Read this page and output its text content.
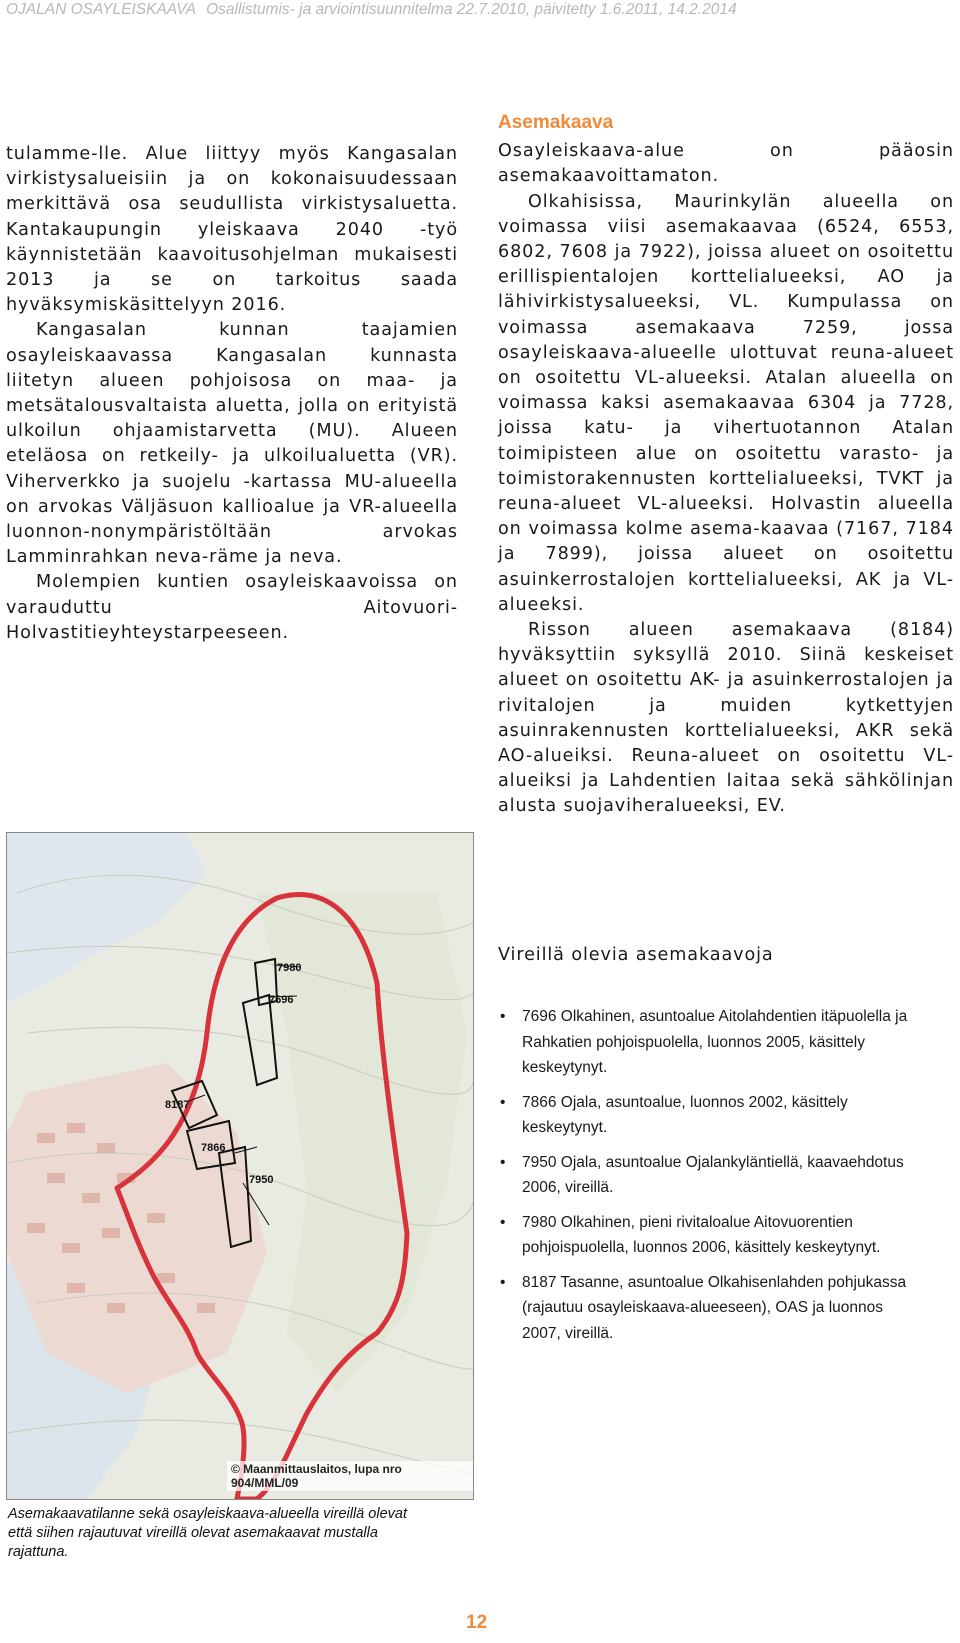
OJALAN OSAYLEISKAAVA Osallistumis- ja arviointisuunnitelma 22.7.2010, päivitetty 1.6.2011, 14.2.2014

tulamme-lle. Alue liittyy myös Kangasalan virkistysalueisiin ja on kokonaisuudessaan merkittävä osa seudullista virkistysaluetta. Kantakaupungin yleiskaava 2040 -työ käynnistetään kaavoitusohjelman mukaisesti 2013 ja se on tarkoitus saada hyväksymiskäsittelyyn 2016.

Kangasalan kunnan taajamien osayleiskaavassa Kangasalan kunnasta liitetyn alueen pohjoisosa on maa- ja metsätalousvaltaista aluetta, jolla on erityistä ulkoilun ohjaamistarvetta (MU). Alueen eteläosa on retkeily- ja ulkoilualuetta (VR). Viherverkko ja suojelu -kartassa MU-alueella on arvokas Väljäsuon kallioalue ja VR-alueella luonnon-nonympäristöltään arvokas Lamminrahkan neva-räme ja neva.

Molempien kuntien osayleiskaavoissa on varauduttu Aitovuori-Holvastitieyhteystarpeeseen.

Asemakaava

Osayleiskaava-alue on pääosin asemakaavoittamaton.

Olkahisissa, Maurinkylän alueella on voimassa viisi asemakaavaa (6524, 6553, 6802, 7608 ja 7922), joissa alueet on osoitettu erillispientalojen korttelialueeksi, AO ja lähivirkistysalueeksi, VL. Kumpulassa on voimassa asemakaava 7259, jossa osayleiskaava-alueelle ulottuvat reuna-alueet on osoitettu VL-alueeksi. Atalan alueella on voimassa kaksi asemakaavaa 6304 ja 7728, joissa katu- ja vihertuotannon Atalan toimipisteen alue on osoitettu varasto- ja toimistorakennusten korttelialueeksi, TVKT ja reuna-alueet VL-alueeksi. Holvastin alueella on voimassa kolme asema-kaavaa (7167, 7184 ja 7899), joissa alueet on osoitettu asuinkerrostalojen korttelialueeksi, AK ja VL-alueeksi.

Risson alueen asemakaava (8184) hyväksyttiin syksyllä 2010. Siinä keskeiset alueet on osoitettu AK- ja asuinkerrostalojen ja rivitalojen ja muiden kytkettyjen asuinrakennusten korttelialueeksi, AKR sekä AO-alueiksi. Reuna-alueet on osoitettu VL-alueiksi ja Lahdentien laitaa sekä sähkölinjan alusta suojaviheralueeksi, EV.

7980
7696
8187
7866
7950
© Maanmittauslaitos, lupa nro 904/MML/09
Asemakaavatilanne sekä osayleiskaava-alueella vireillä olevat että siihen rajautuvat vireillä olevat asemakaavat mustalla rajattuna.
Vireillä olevia asemakaavoja
• 7696 Olkahinen, asuntoalue Aitolahdentien itäpuolella ja Rahkatien pohjoispuolella, luonnos 2005, käsittely keskeytynyt.
• 7866 Ojala, asuntoalue, luonnos 2002, käsittely keskeytynyt.
• 7950 Ojala, asuntoalue Ojalankyläntiellä, kaavaehdotus 2006, vireillä.
• 7980 Olkahinen, pieni rivitaloalue Aitovuorentien pohjoispuolella, luonnos 2006, käsittely keskeytynyt.
• 8187 Tasanne, asuntoalue Olkahisenlahden pohjukassa (rajautuu osayleiskaava-alueeseen), OAS ja luonnos 2007, vireillä.
12
